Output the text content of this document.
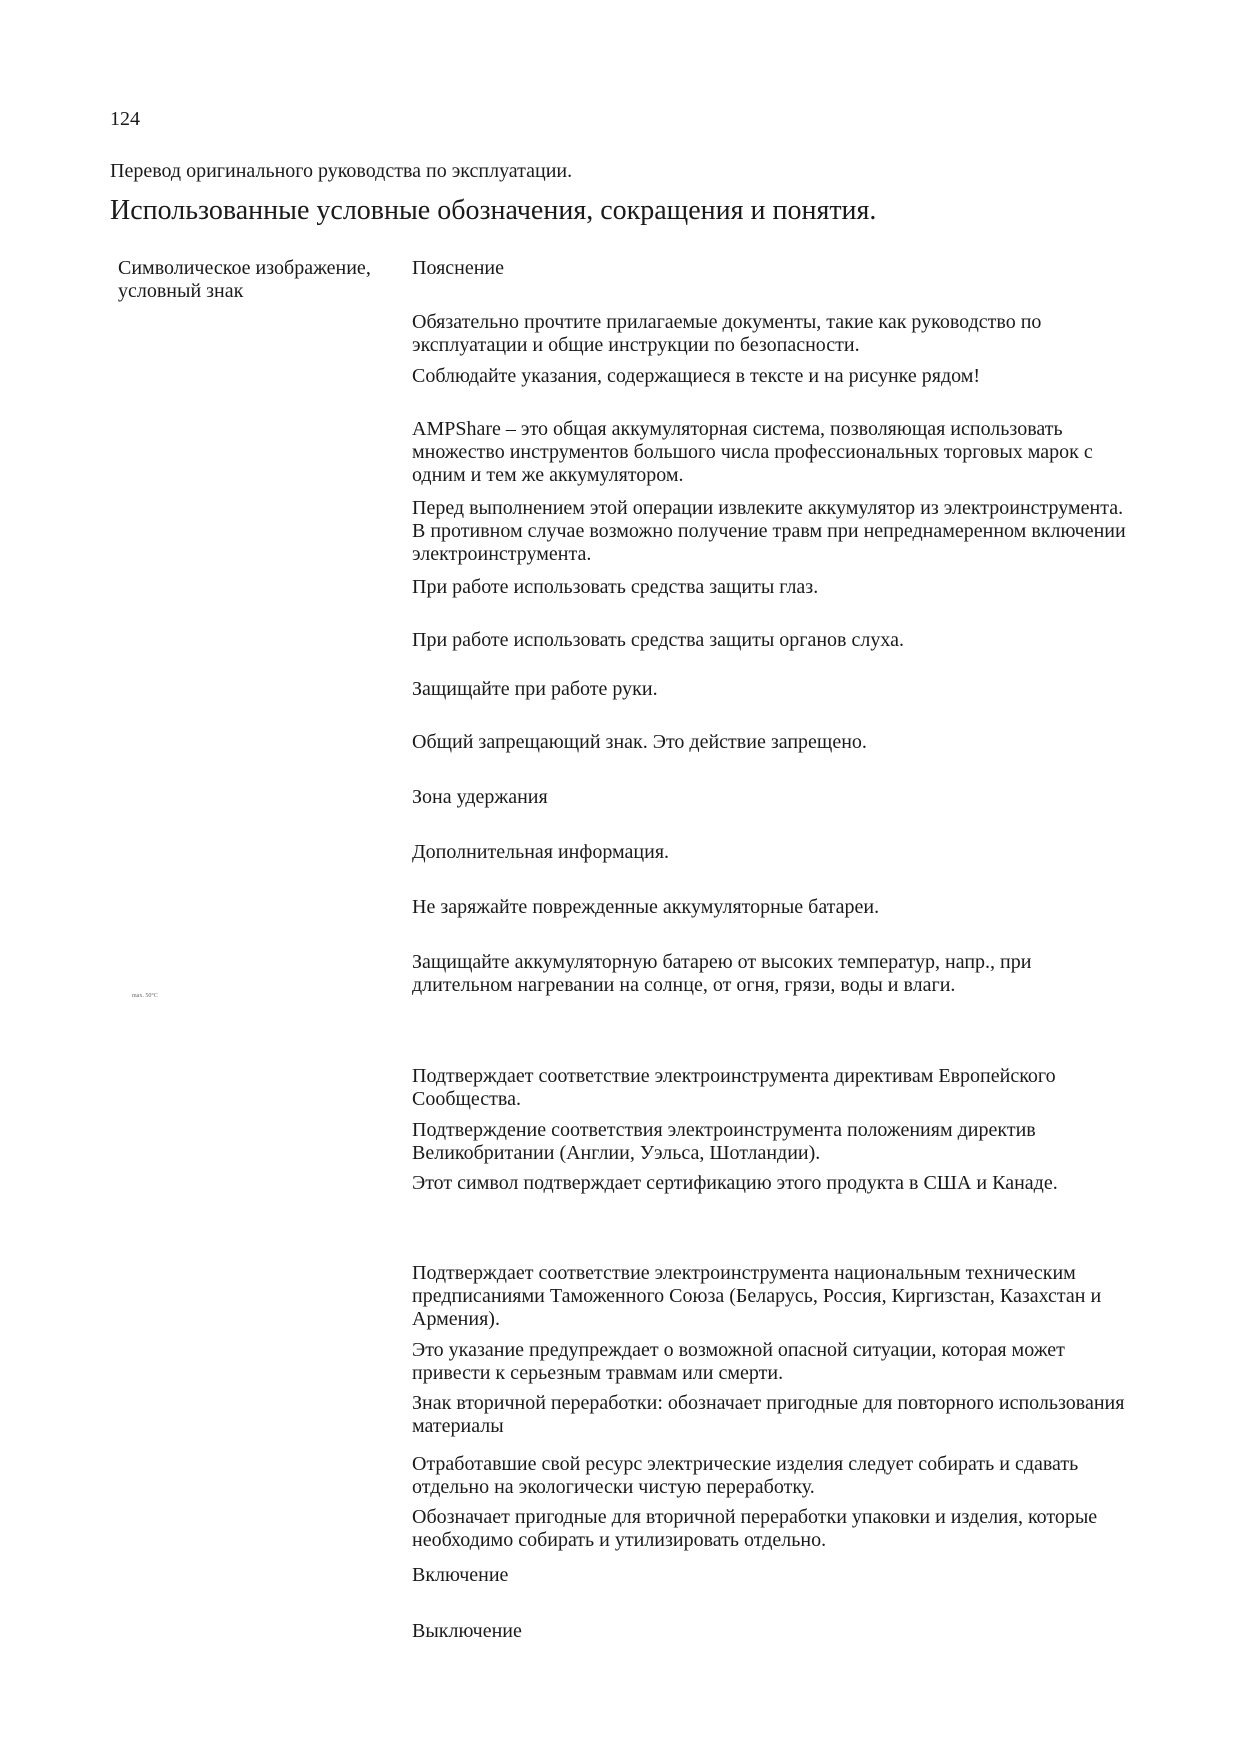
124
Перевод оригинального руководства по эксплуатации.
Использованные условные обозначения, сокращения и понятия.
Символическое изображение, условный знак
Пояснение
max. 50°C
Обязательно прочтите прилагаемые документы, такие как руководство по эксплуатации и общие инструкции по безопасности.
Соблюдайте указания, содержащиеся в тексте и на рисунке рядом!
AMPShare – это общая аккумуляторная система, позволяющая использовать множество инструментов большого числа профессиональных торговых марок с одним и тем же аккумулятором.
Перед выполнением этой операции извлеките аккумулятор из электроинструмента. В противном случае возможно получение травм при непреднамеренном включении электроинструмента.
При работе использовать средства защиты глаз.
При работе использовать средства защиты органов слуха.
Защищайте при работе руки.
Общий запрещающий знак. Это действие запрещено.
Зона удержания
Дополнительная информация.
Не заряжайте поврежденные аккумуляторные батареи.
Защищайте аккумуляторную батарею от высоких температур, напр., при длительном нагревании на солнце, от огня, грязи, воды и влаги.
Подтверждает соответствие электроинструмента директивам Европейского Сообщества.
Подтверждение соответствия электроинструмента положениям директив Великобритании (Англии, Уэльса, Шотландии).
Этот символ подтверждает сертификацию этого продукта в США и Канаде.
Подтверждает соответствие электроинструмента национальным техническим предписаниями Таможенного Союза (Беларусь, Россия, Киргизстан, Казахстан и Армения).
Это указание предупреждает о возможной опасной ситуации, которая может привести к серьезным травмам или смерти.
Знак вторичной переработки: обозначает пригодные для повторного использования материалы
Отработавшие свой ресурс электрические изделия следует собирать и сдавать отдельно на экологически чистую переработку.
Обозначает пригодные для вторичной переработки упаковки и изделия, которые необходимо собирать и утилизировать отдельно.
Включение
Выключение
